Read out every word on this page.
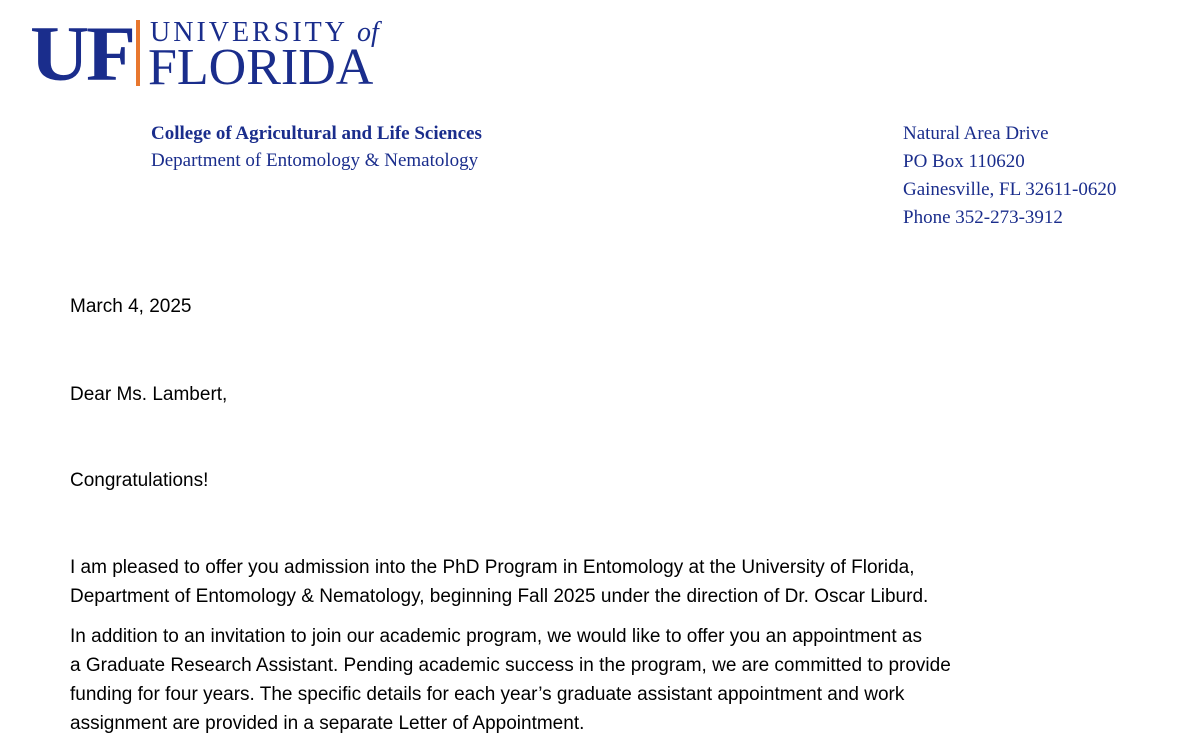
UF UNIVERSITY of
FLORIDA
College of Agricultural and Life Sciences
Department of Entomology & Nematology
Natural Area Drive
PO Box 110620
Gainesville, FL 32611-0620
Phone 352-273-3912
March 4, 2025
Dear Ms. Lambert,
Congratulations!
I am pleased to offer you admission into the PhD Program in Entomology at the University of Florida,
Department of Entomology & Nematology, beginning Fall 2025 under the direction of Dr. Oscar Liburd.
In addition to an invitation to join our academic program, we would like to offer you an appointment as
a Graduate Research Assistant. Pending academic success in the program, we are committed to provide
funding for four years. The specific details for each year’s graduate assistant appointment and work
assignment are provided in a separate Letter of Appointment.
